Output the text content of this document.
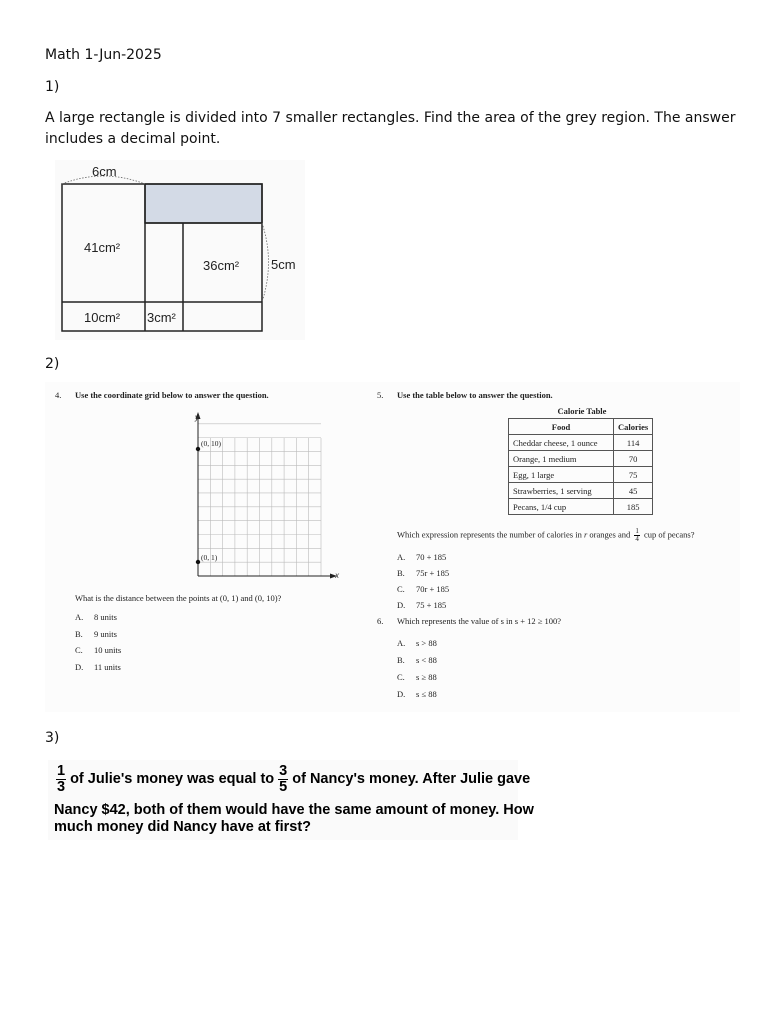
Math 1-Jun-2025
1)
A large rectangle is divided into 7 smaller rectangles. Find the area of the grey region. The answer includes a decimal point.
6cm
5cm
41cm²
36cm²
10cm² 3cm²
2)
4. Use the coordinate grid below to answer the question.
y
x
(0, 10)
(0, 1)
What is the distance between the points at (0, 1) and (0, 10)?
A. 8 units
B. 9 units
C. 10 units
D. 11 units
5. Use the table below to answer the question.
Calorie Table
Food	Calories
Cheddar cheese, 1 ounce	114
Orange, 1 medium	70
Egg, 1 large	75
Strawberries, 1 serving	45
Pecans, 1/4 cup	185
Which expression represents the number of calories in r oranges and $\frac{1}{4}$ cup of pecans?
A. 70 + 185
B. 75r + 185
C. 70r + 185
D. 75 + 185
6. Which represents the value of s in s + 12 ≥ 100?
A. s > 88
B. s < 88
C. s ≥ 88
D. s ≤ 88
3)
$\frac{1}{3}$ of Julie's money was equal to $\frac{3}{5}$ of Nancy's money. After Julie gave
Nancy $42, both of them would have the same amount of money. How
much money did Nancy have at first?
